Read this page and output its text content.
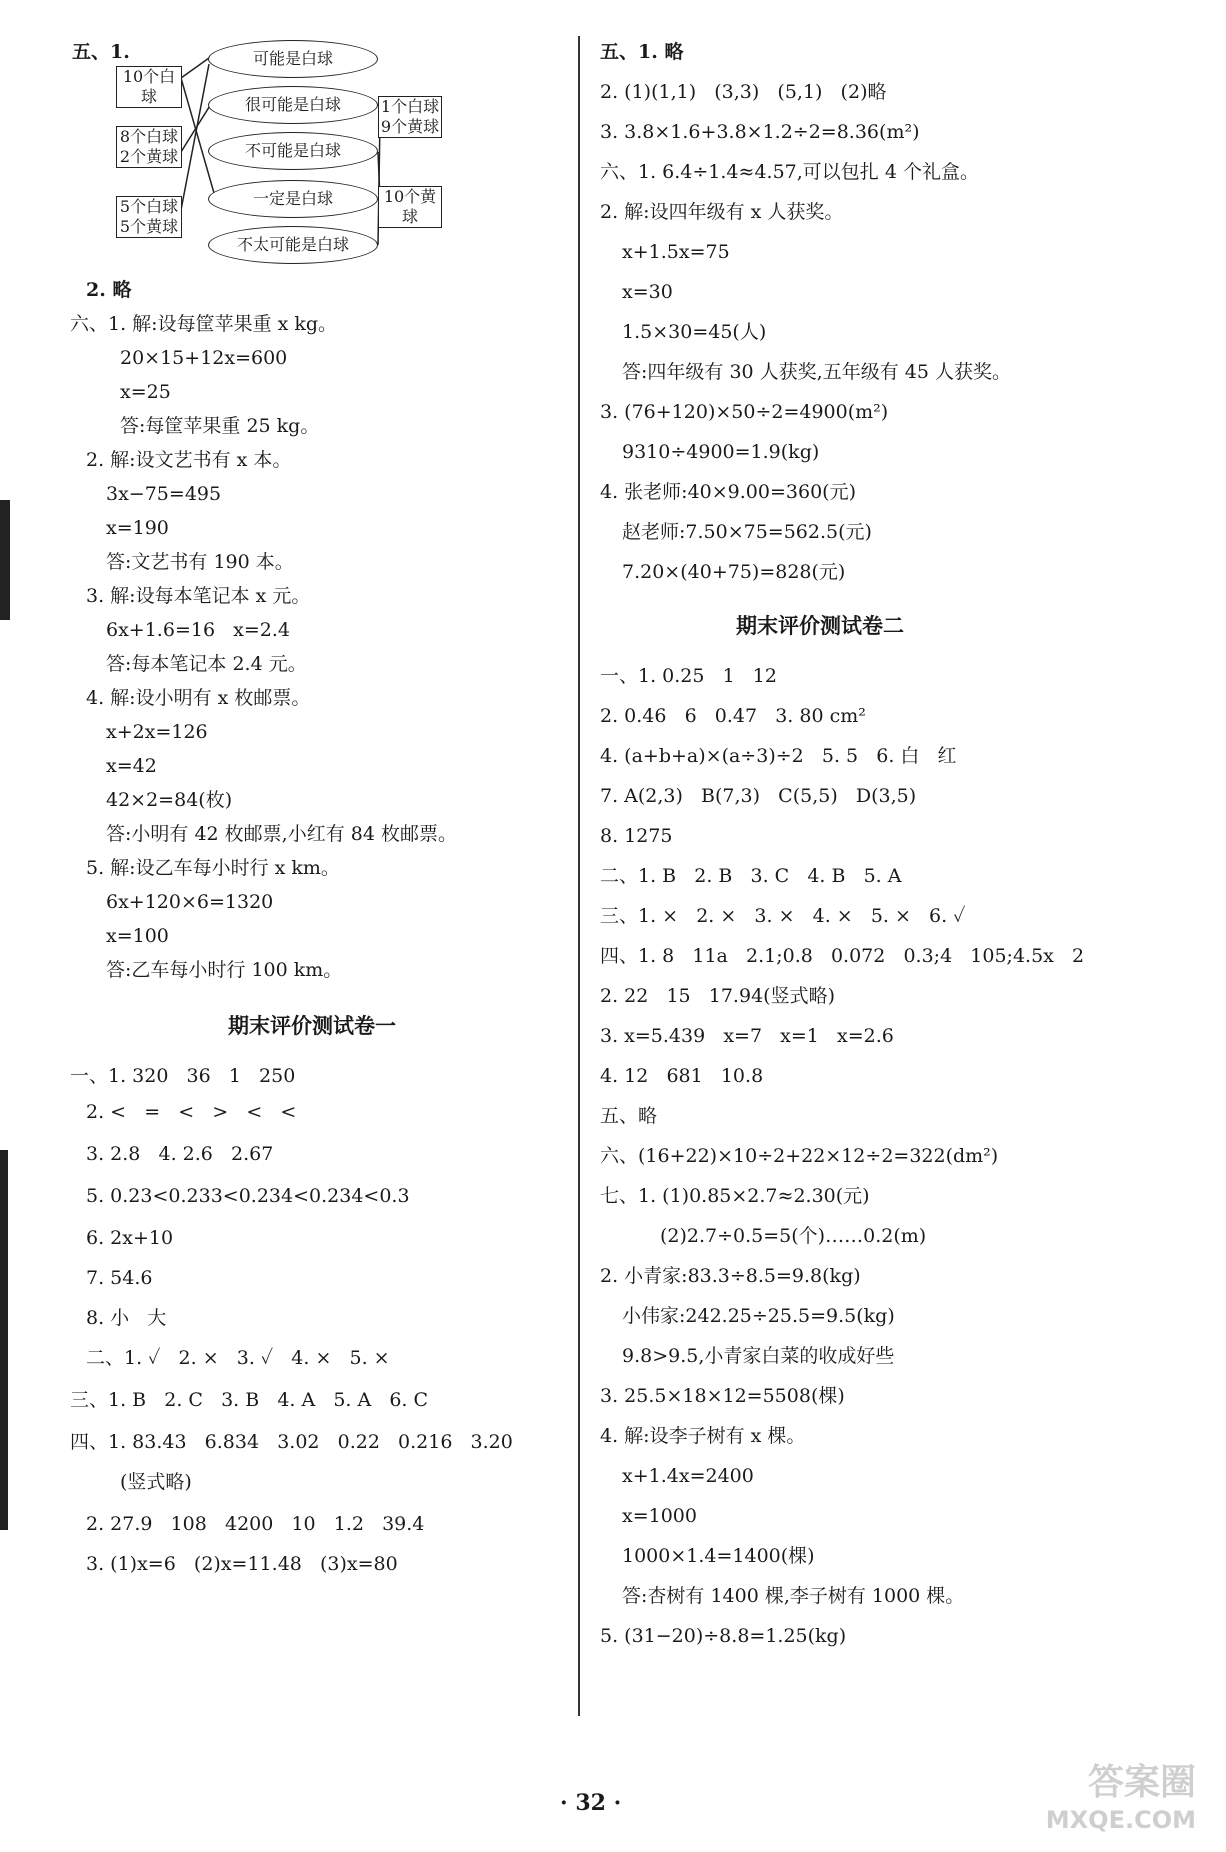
五、1.
10个白球
8个白球
2个黄球
5个白球
5个黄球
可能是白球
很可能是白球
不可能是白球
一定是白球
不太可能是白球
1个白球
9个黄球
10个黄球
2. 略
六、1. 解:设每筐苹果重 x kg。
20×15+12x=600
x=25
答:每筐苹果重 25 kg。
2. 解:设文艺书有 x 本。
3x−75=495
x=190
答:文艺书有 190 本。
3. 解:设每本笔记本 x 元。
6x+1.6=16   x=2.4
答:每本笔记本 2.4 元。
4. 解:设小明有 x 枚邮票。
x+2x=126
x=42
42×2=84(枚)
答:小明有 42 枚邮票,小红有 84 枚邮票。
5. 解:设乙车每小时行 x km。
6x+120×6=1320
x=100
答:乙车每小时行 100 km。
期末评价测试卷一
一、1. 320   36   1   250
2. <   =   <   >   <   <
3. 2.8   4. 2.6   2.67
5. 0.23<0.233<0.234<0.234<0.3
6. 2x+10
7. 54.6
8. 小   大
二、1. ✓   2. ×   3. ✓   4. ×   5. ×
三、1. B   2. C   3. B   4. A   5. A   6. C
四、1. 83.43   6.834   3.02   0.22   0.216   3.20
(竖式略)
2. 27.9   108   4200   10   1.2   39.4
3. (1)x=6   (2)x=11.48   (3)x=80
五、1. 略
2. (1)(1,1)   (3,3)   (5,1)   (2)略
3. 3.8×1.6+3.8×1.2÷2=8.36(m²)
六、1. 6.4÷1.4≈4.57,可以包扎 4 个礼盒。
2. 解:设四年级有 x 人获奖。
x+1.5x=75
x=30
1.5×30=45(人)
答:四年级有 30 人获奖,五年级有 45 人获奖。
3. (76+120)×50÷2=4900(m²)
9310÷4900=1.9(kg)
4. 张老师:40×9.00=360(元)
赵老师:7.50×75=562.5(元)
7.20×(40+75)=828(元)
期末评价测试卷二
一、1. 0.25   1   12
2. 0.46   6   0.47   3. 80 cm²
4. (a+b+a)×(a÷3)÷2   5. 5   6. 白   红
7. A(2,3)   B(7,3)   C(5,5)   D(3,5)
8. 1275
二、1. B   2. B   3. C   4. B   5. A
三、1. ×   2. ×   3. ×   4. ×   5. ×   6. ✓
四、1. 8   11a   2.1;0.8   0.072   0.3;4   105;4.5x   2
2. 22   15   17.94(竖式略)
3. x=5.439   x=7   x=1   x=2.6
4. 12   681   10.8
五、略
六、(16+22)×10÷2+22×12÷2=322(dm²)
七、1. (1)0.85×2.7≈2.30(元)
(2)2.7÷0.5=5(个)……0.2(m)
2. 小青家:83.3÷8.5=9.8(kg)
小伟家:242.25÷25.5=9.5(kg)
9.8>9.5,小青家白菜的收成好些
3. 25.5×18×12=5508(棵)
4. 解:设李子树有 x 棵。
x+1.4x=2400
x=1000
1000×1.4=1400(棵)
答:杏树有 1400 棵,李子树有 1000 棵。
5. (31−20)÷8.8=1.25(kg)
· 32 ·	答案圈
MXQE.COM
